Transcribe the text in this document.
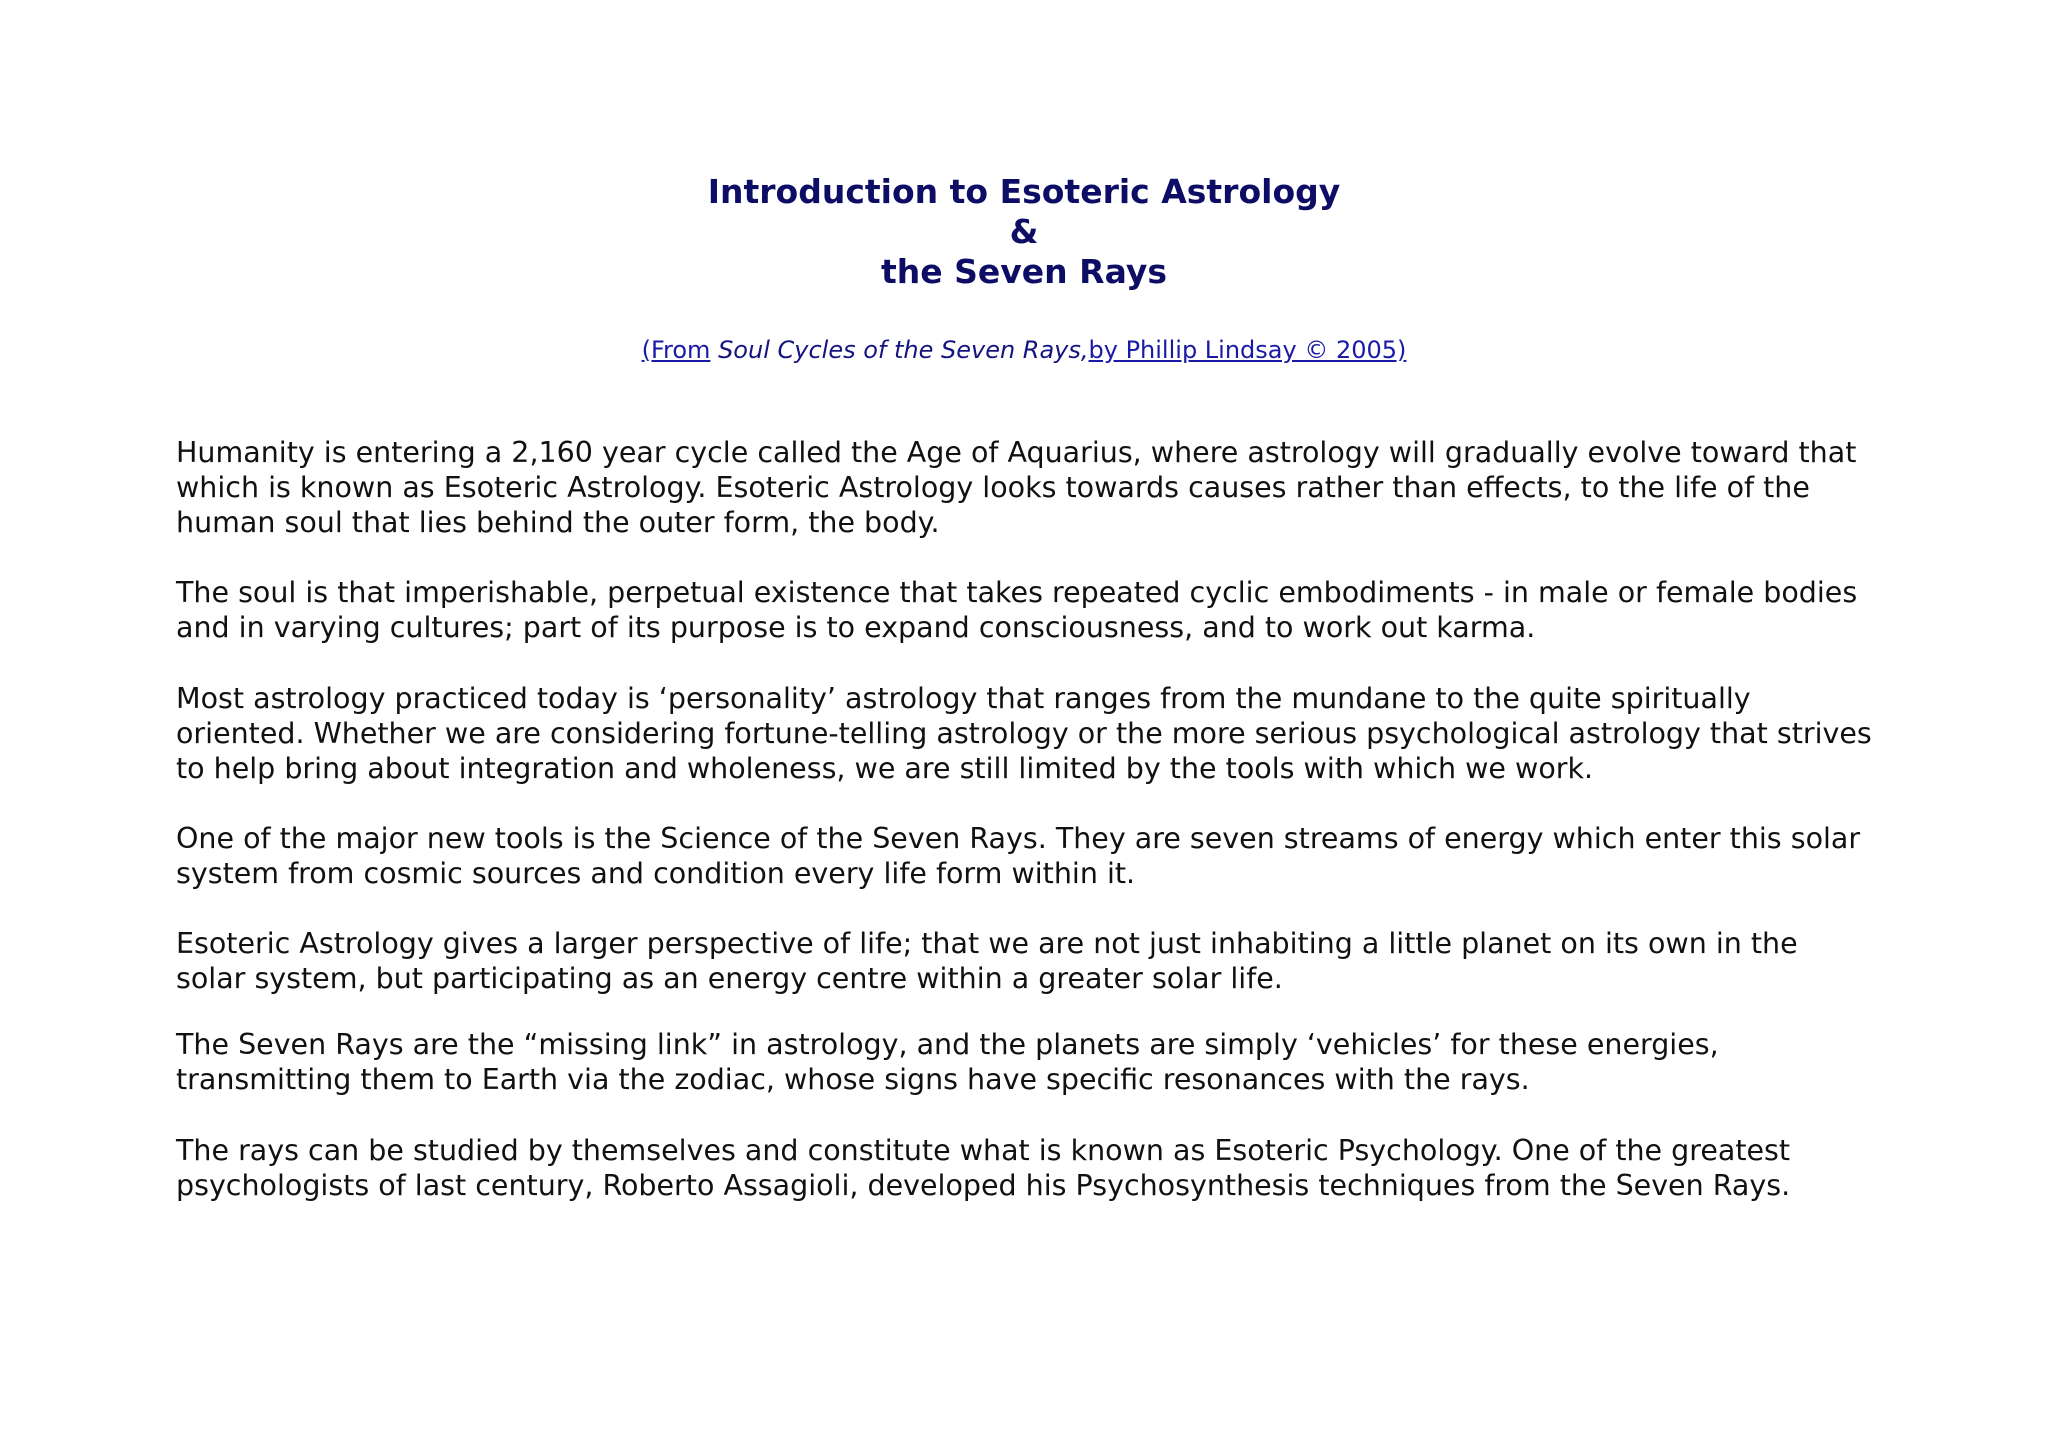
Introduction to Esoteric Astrology
&
the Seven Rays
(From Soul Cycles of the Seven Rays,by Phillip Lindsay © 2005)

Humanity is entering a 2,160 year cycle called the Age of Aquarius, where astrology will gradually evolve toward that which is known as Esoteric Astrology. Esoteric Astrology looks towards causes rather than effects, to the life of the human soul that lies behind the outer form, the body.

The soul is that imperishable, perpetual existence that takes repeated cyclic embodiments - in male or female bodies and in varying cultures; part of its purpose is to expand consciousness, and to work out karma.

Most astrology practiced today is ‘personality’ astrology that ranges from the mundane to the quite spiritually oriented. Whether we are considering fortune-telling astrology or the more serious psychological astrology that strives to help bring about integration and wholeness, we are still limited by the tools with which we work.

One of the major new tools is the Science of the Seven Rays. They are seven streams of energy which enter this solar system from cosmic sources and condition every life form within it.

Esoteric Astrology gives a larger perspective of life; that we are not just inhabiting a little planet on its own in the solar system, but participating as an energy centre within a greater solar life.

The Seven Rays are the “missing link” in astrology, and the planets are simply ‘vehicles’ for these energies, transmitting them to Earth via the zodiac, whose signs have specific resonances with the rays.

The rays can be studied by themselves and constitute what is known as Esoteric Psychology. One of the greatest psychologists of last century, Roberto Assagioli, developed his Psychosynthesis techniques from the Seven Rays.
